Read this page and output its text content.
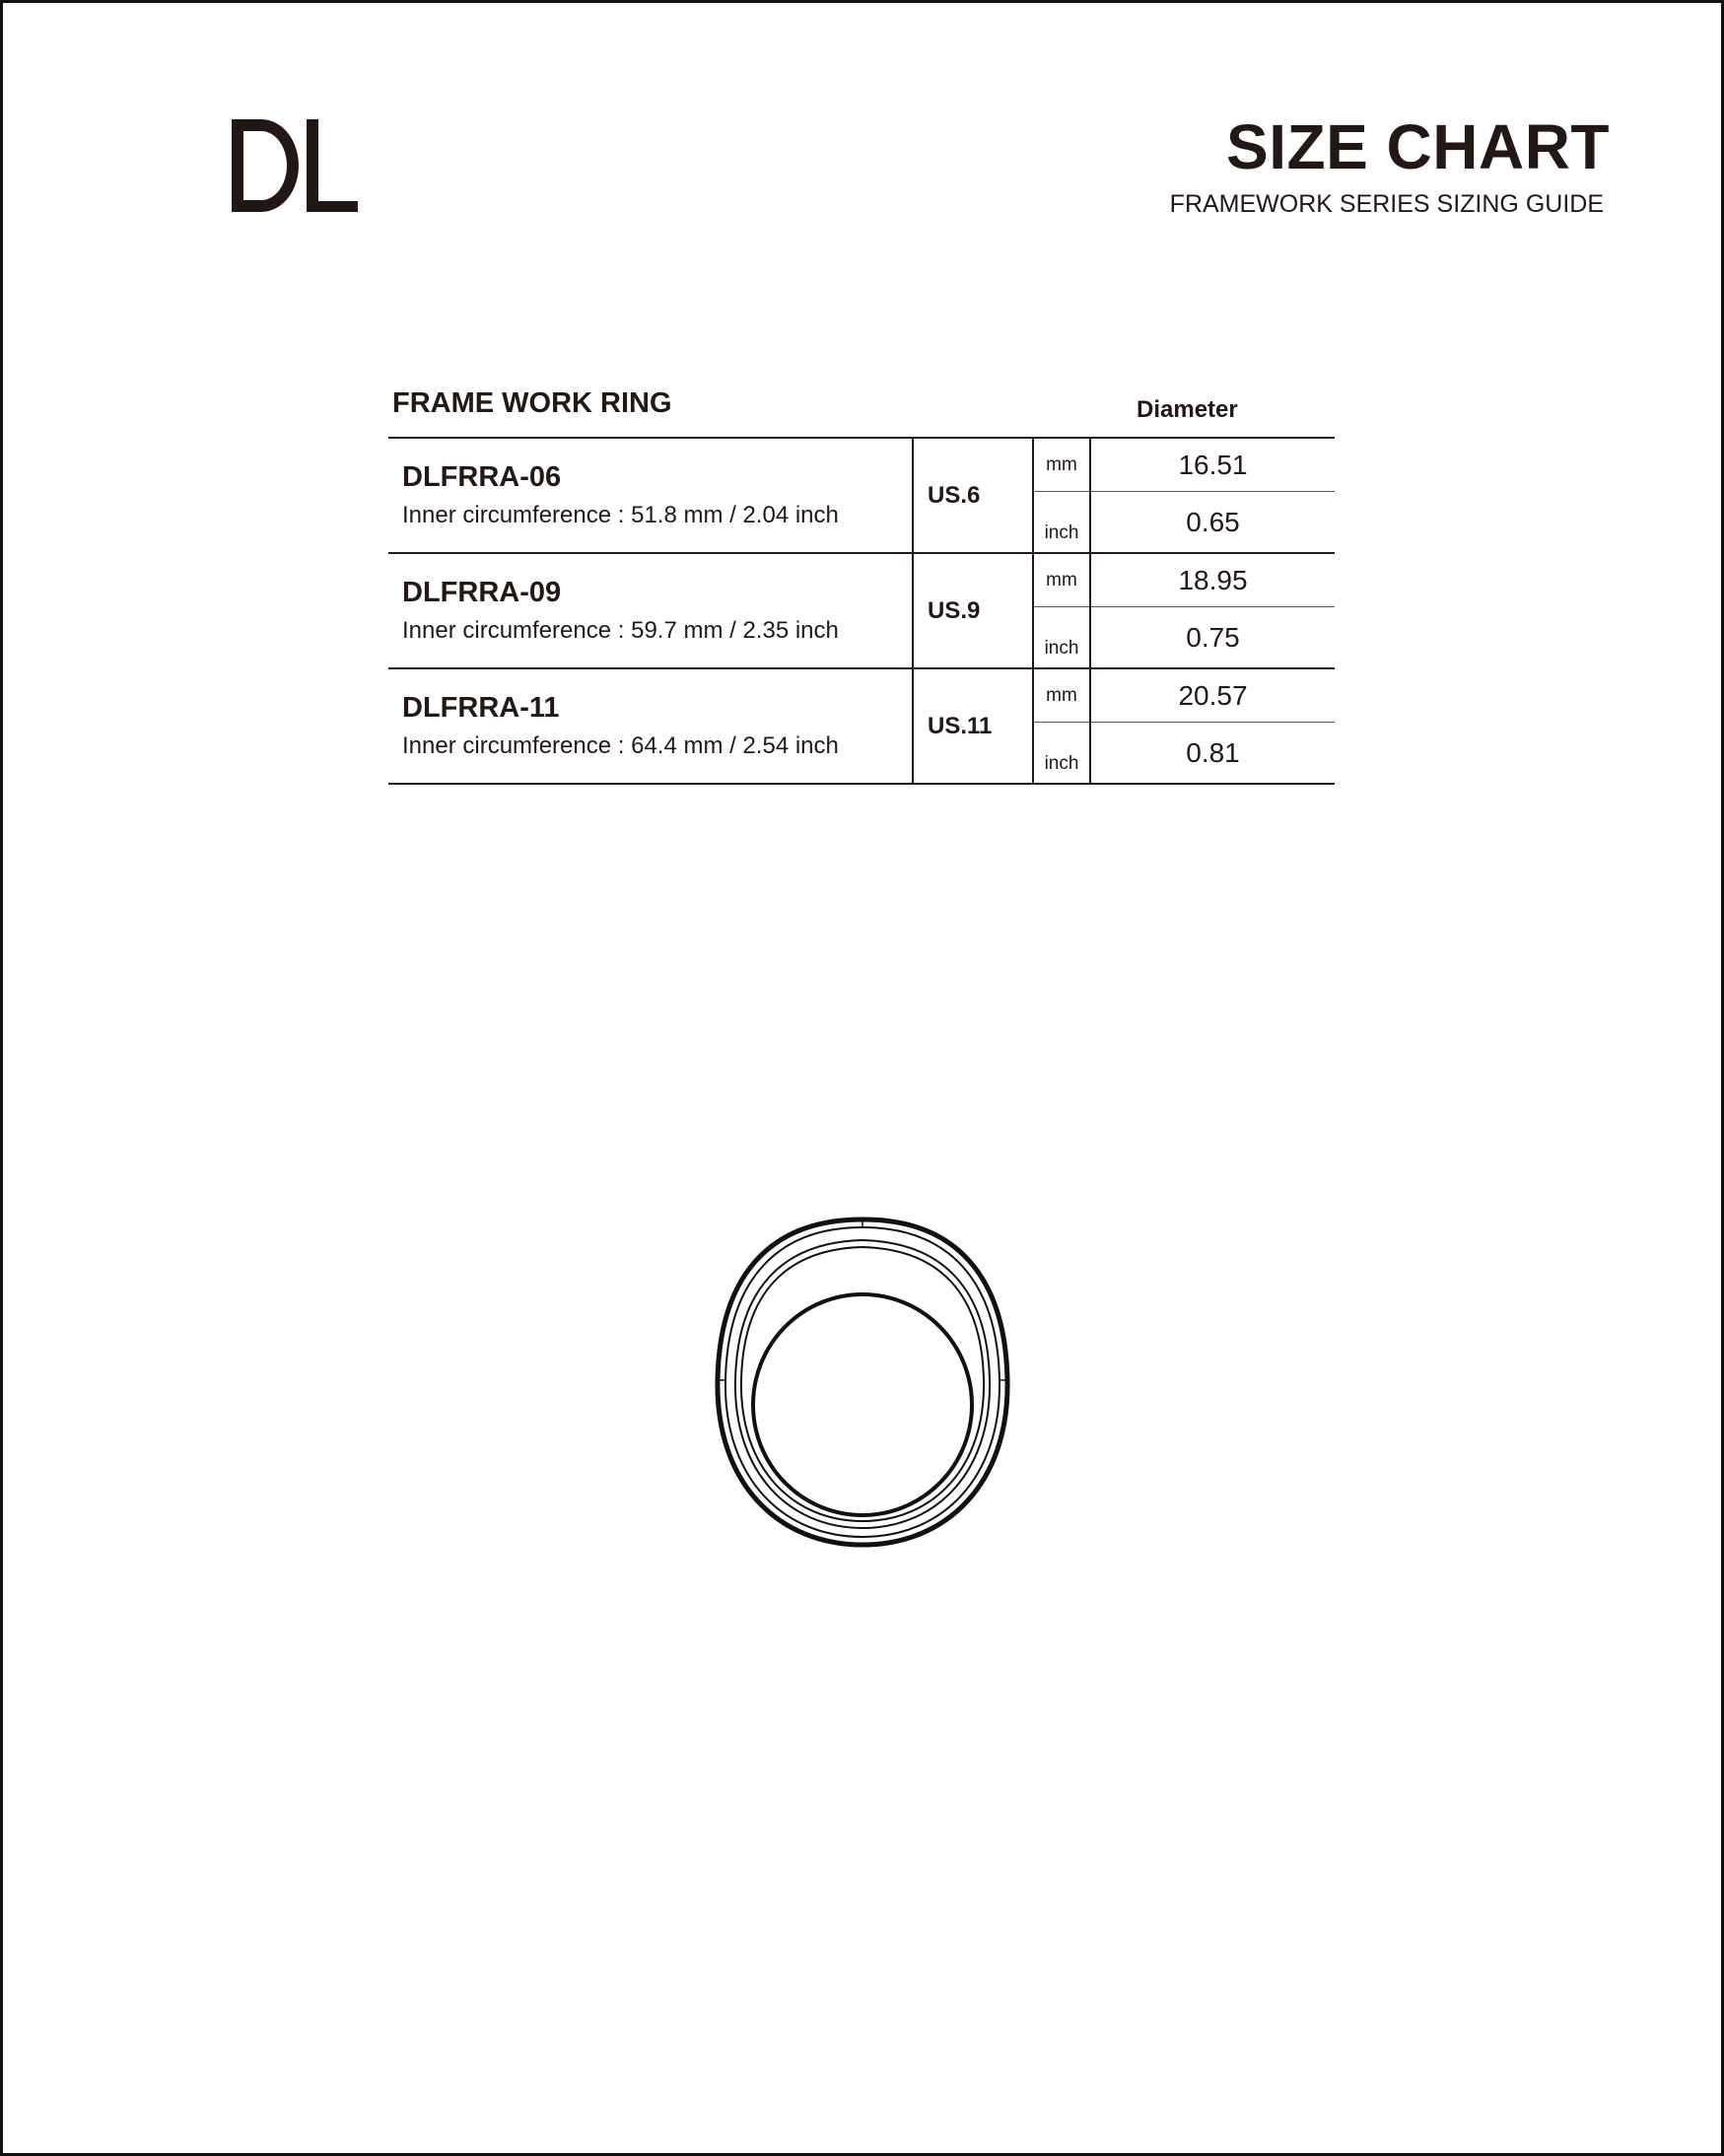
SIZE CHART
FRAMEWORK SERIES SIZING GUIDE
FRAME WORK RING	Diameter
DLFRRA-06
Inner circumference : 51.8 mm / 2.04 inch	US.6	mm	16.51
		inch	0.65

DLFRRA-09
Inner circumference : 59.7 mm / 2.35 inch	US.9	mm	18.95
		inch	0.75

DLFRRA-11
Inner circumference : 64.4 mm / 2.54 inch	US.11	mm	20.57
		inch	0.81
